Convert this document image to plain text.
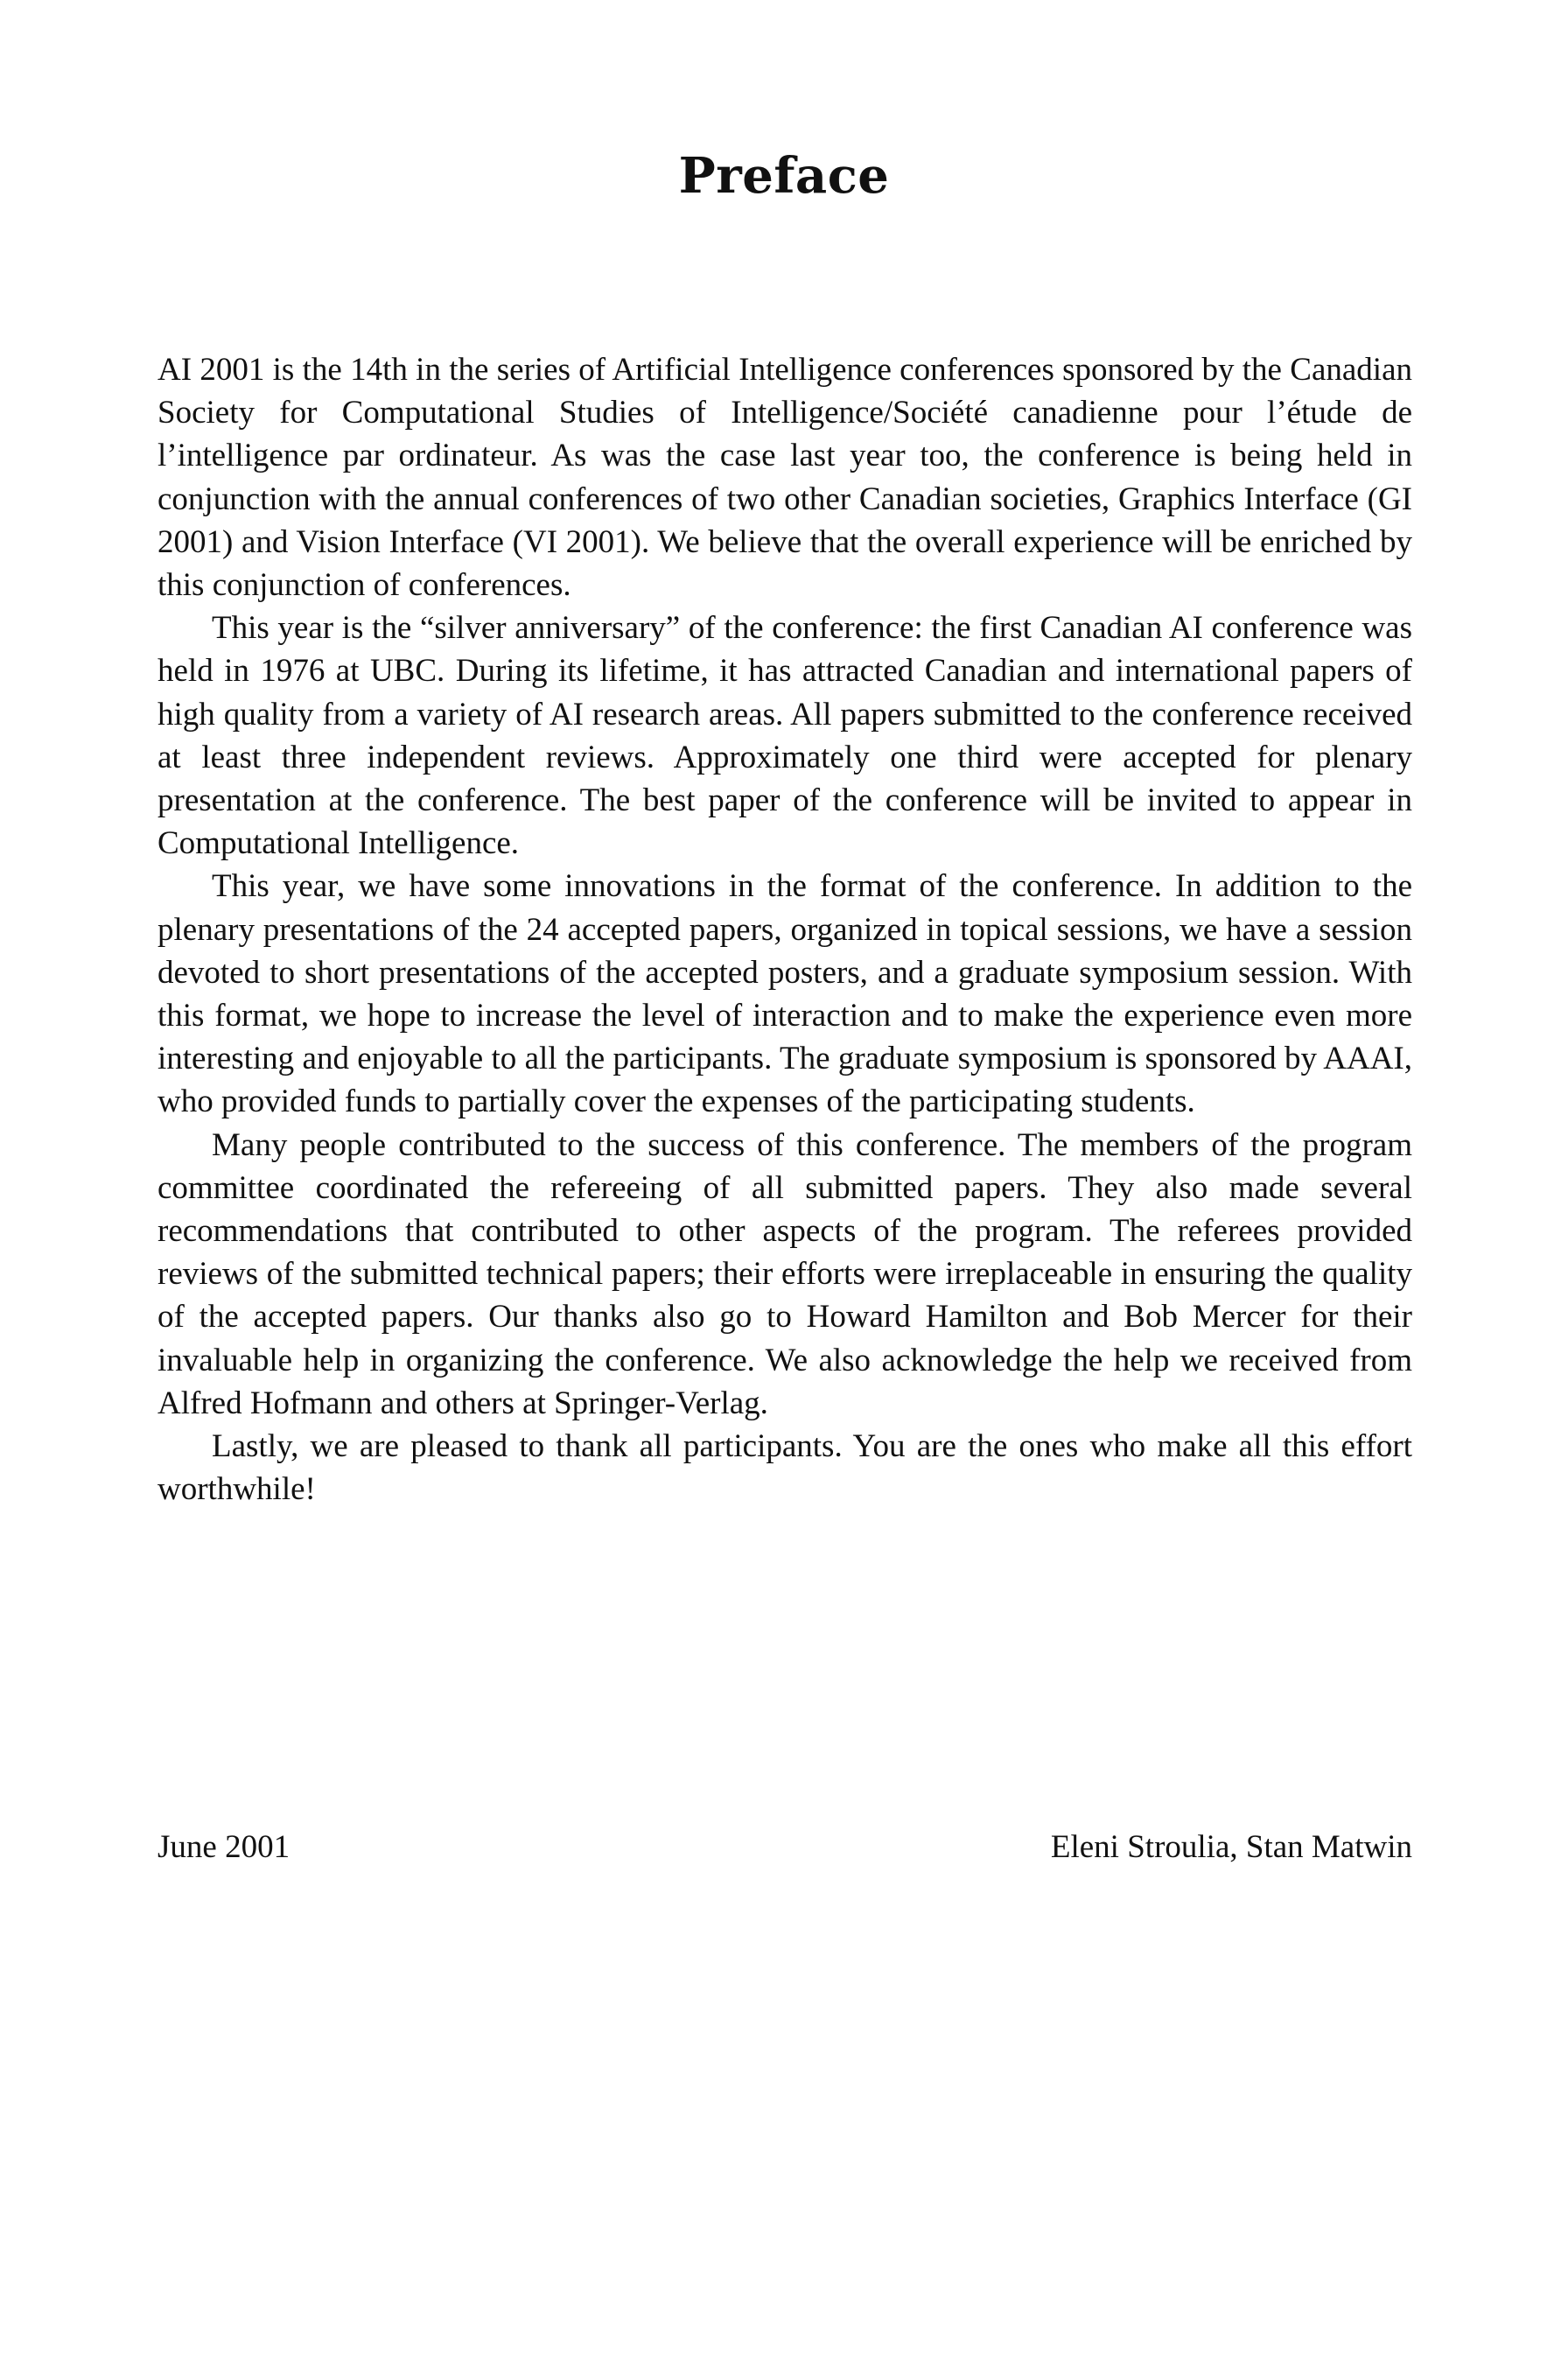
Preface

AI 2001 is the 14th in the series of Artificial Intelligence conferences sponsored by the Canadian Society for Computational Studies of Intelligence/Société canadienne pour l’étude de l’intelligence par ordinateur. As was the case last year too, the conference is being held in conjunction with the annual conferences of two other Canadian societies, Graphics Interface (GI 2001) and Vision Interface (VI 2001). We believe that the overall experience will be enriched by this conjunction of conferences.

This year is the “silver anniversary” of the conference: the first Canadian AI conference was held in 1976 at UBC. During its lifetime, it has attracted Canadian and international papers of high quality from a variety of AI research areas. All papers submitted to the conference received at least three independent reviews. Approximately one third were accepted for plenary presentation at the conference. The best paper of the conference will be invited to appear in Computational Intelligence.

This year, we have some innovations in the format of the conference. In addition to the plenary presentations of the 24 accepted papers, organized in topical sessions, we have a session devoted to short presentations of the accepted posters, and a graduate symposium session. With this format, we hope to increase the level of interaction and to make the experience even more interesting and enjoyable to all the participants. The graduate symposium is sponsored by AAAI, who provided funds to partially cover the expenses of the participating students.

Many people contributed to the success of this conference. The members of the program committee coordinated the refereeing of all submitted papers. They also made several recommendations that contributed to other aspects of the program. The referees provided reviews of the submitted technical papers; their efforts were irreplaceable in ensuring the quality of the accepted papers. Our thanks also go to Howard Hamilton and Bob Mercer for their invaluable help in organizing the conference. We also acknowledge the help we received from Alfred Hofmann and others at Springer-Verlag.

Lastly, we are pleased to thank all participants. You are the ones who make all this effort worthwhile!

June 2001	Eleni Stroulia, Stan Matwin
